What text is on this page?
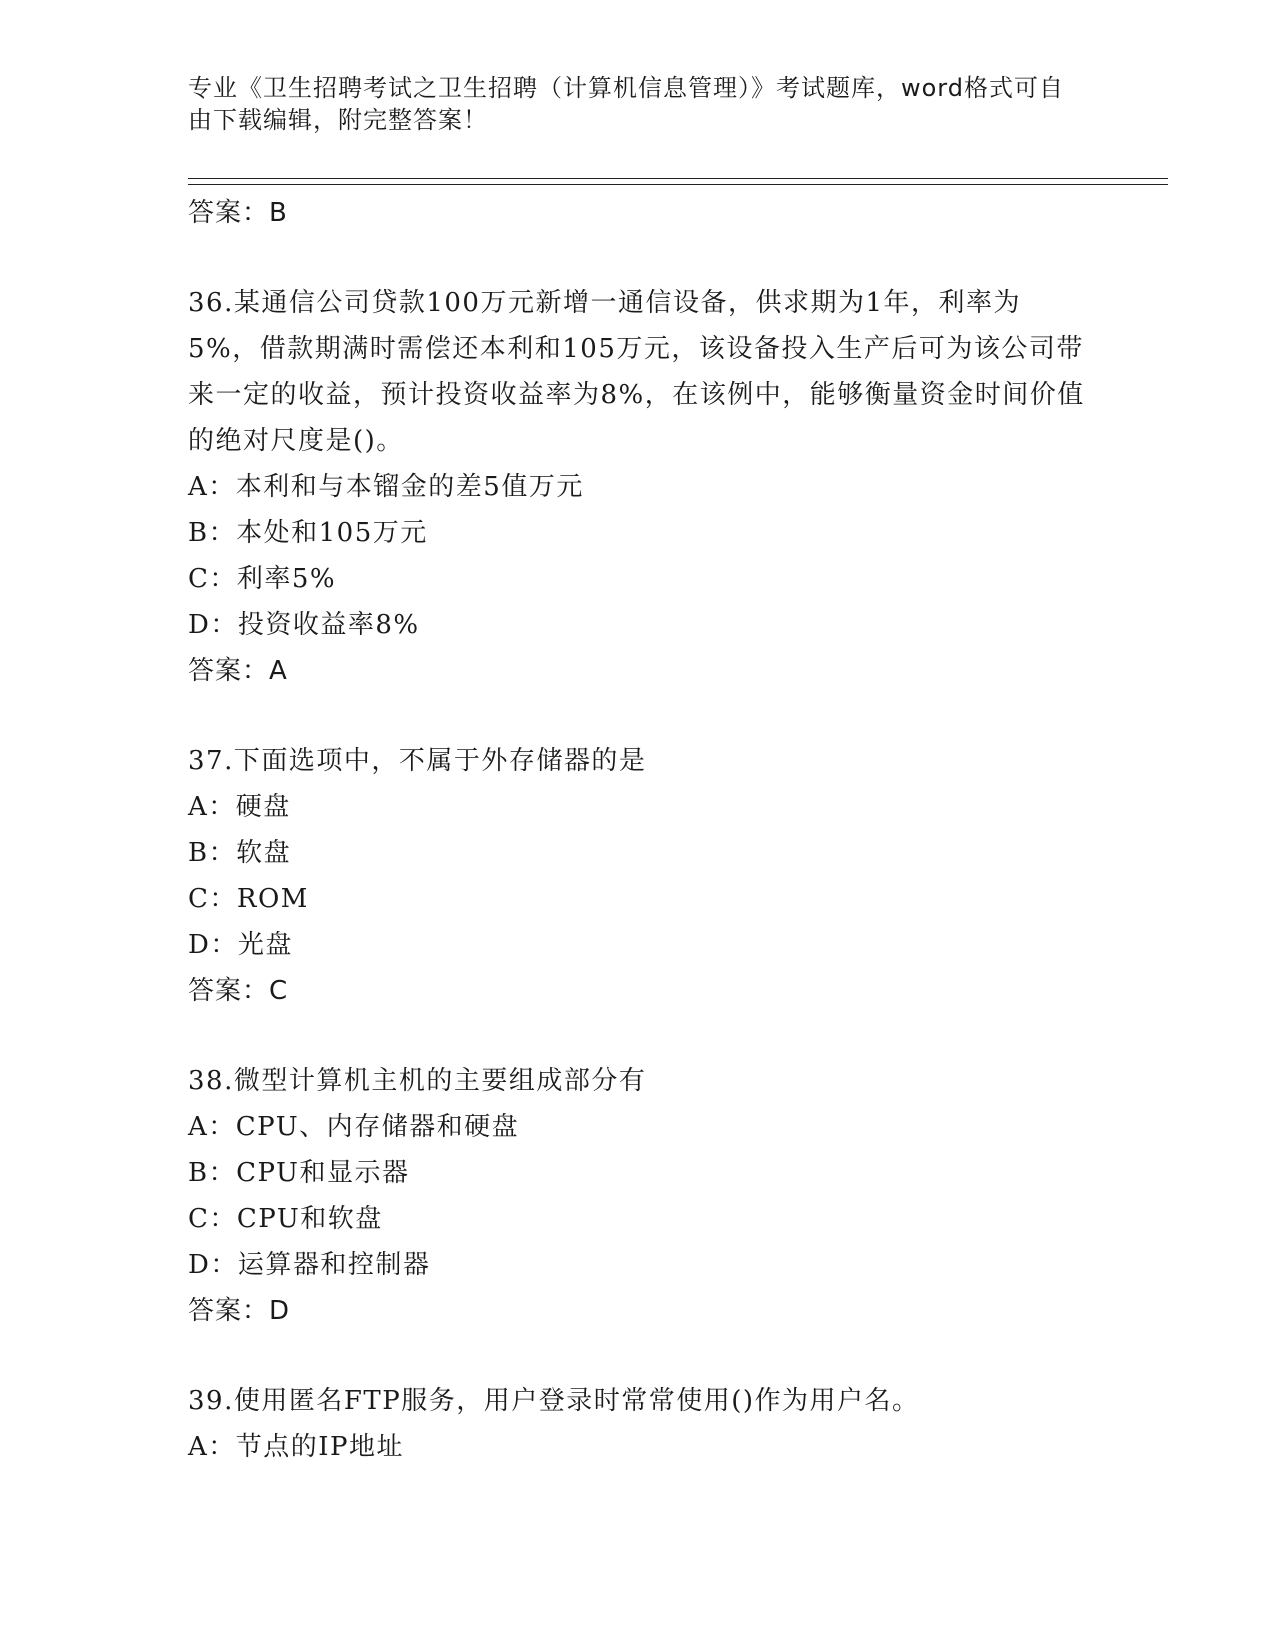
专业《卫生招聘考试之卫生招聘（计算机信息管理）》考试题库，word格式可自由下载编辑，附完整答案！

答案：B

36.某通信公司贷款100万元新增一通信设备，供求期为1年，利率为5%，借款期满时需偿还本利和105万元，该设备投入生产后可为该公司带来一定的收益，预计投资收益率为8%，在该例中，能够衡量资金时间价值的绝对尺度是()。

A：本利和与本镏金的差5值万元

B：本处和105万元

C：利率5%

D：投资收益率8%

答案：A

37.下面选项中，不属于外存储器的是

A：硬盘

B：软盘

C：ROM

D：光盘

答案：C

38.微型计算机主机的主要组成部分有

A：CPU、内存储器和硬盘

B：CPU和显示器

C：CPU和软盘

D：运算器和控制器

答案：D

39.使用匿名FTP服务，用户登录时常常使用()作为用户名。

A：节点的IP地址
